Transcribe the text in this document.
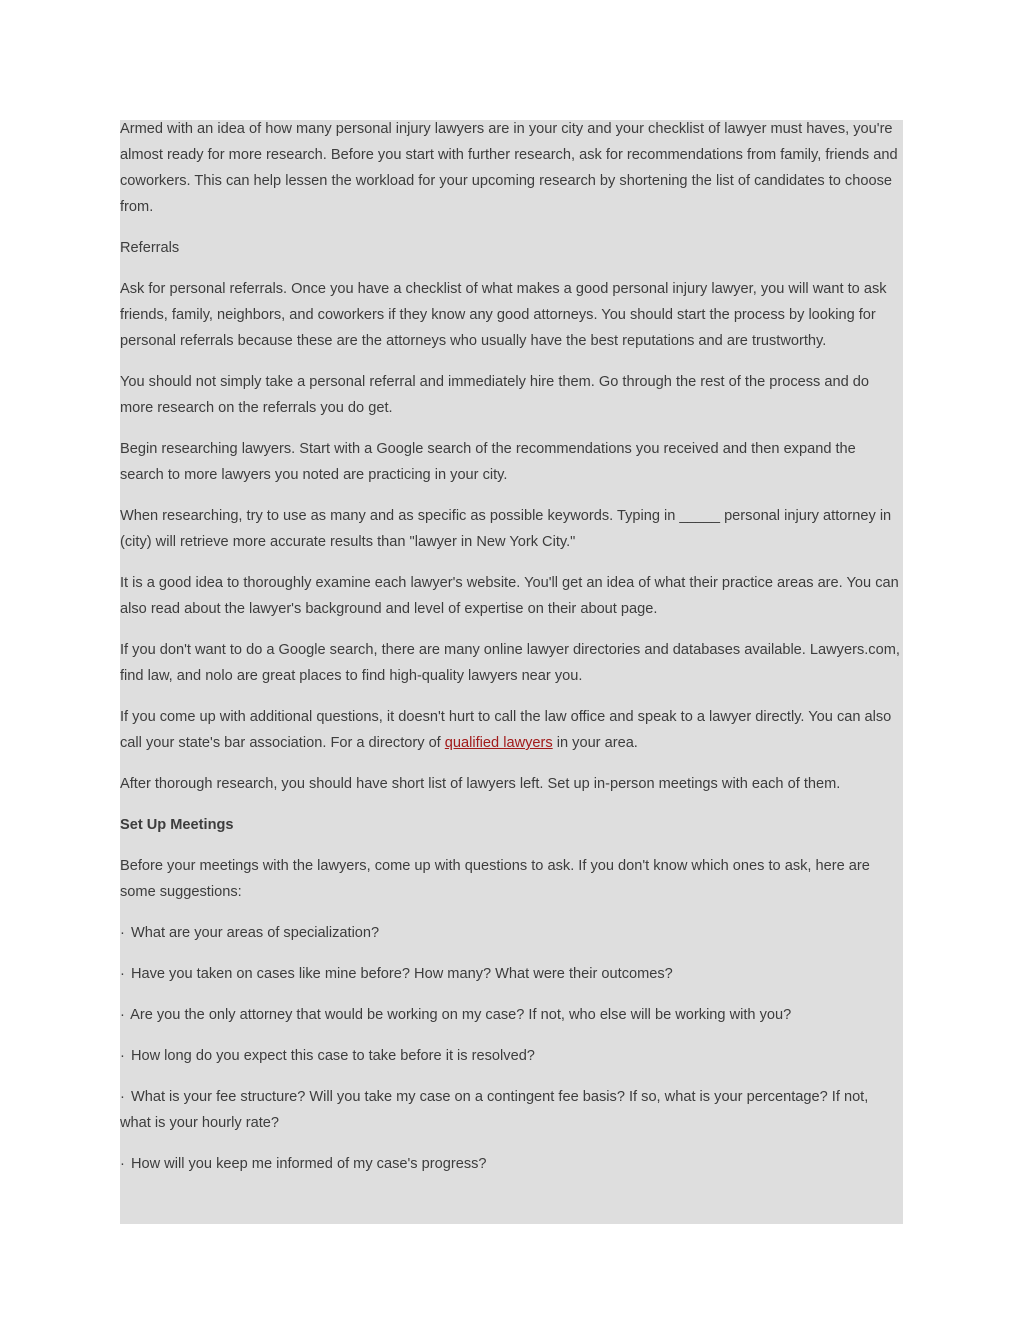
Armed with an idea of how many personal injury lawyers are in your city and your checklist of lawyer must haves, you're almost ready for more research. Before you start with further research, ask for recommendations from family, friends and coworkers. This can help lessen the workload for your upcoming research by shortening the list of candidates to choose from.

Referrals

Ask for personal referrals. Once you have a checklist of what makes a good personal injury lawyer, you will want to ask friends, family, neighbors, and coworkers if they know any good attorneys. You should start the process by looking for personal referrals because these are the attorneys who usually have the best reputations and are trustworthy.

You should not simply take a personal referral and immediately hire them. Go through the rest of the process and do more research on the referrals you do get.

Begin researching lawyers. Start with a Google search of the recommendations you received and then expand the search to more lawyers you noted are practicing in your city.

When researching, try to use as many and as specific as possible keywords. Typing in _____ personal injury attorney in (city) will retrieve more accurate results than "lawyer in New York City."

It is a good idea to thoroughly examine each lawyer's website. You'll get an idea of what their practice areas are. You can also read about the lawyer's background and level of expertise on their about page.

If you don't want to do a Google search, there are many online lawyer directories and databases available. Lawyers.com, find law, and nolo are great places to find high-quality lawyers near you.

If you come up with additional questions, it doesn't hurt to call the law office and speak to a lawyer directly. You can also call your state's bar association. For a directory of qualified lawyers in your area.

After thorough research, you should have short list of lawyers left. Set up in-person meetings with each of them.

Set Up Meetings

Before your meetings with the lawyers, come up with questions to ask. If you don't know which ones to ask, here are some suggestions:

· What are your areas of specialization?

· Have you taken on cases like mine before? How many? What were their outcomes?

· Are you the only attorney that would be working on my case? If not, who else will be working with you?

· How long do you expect this case to take before it is resolved?

· What is your fee structure? Will you take my case on a contingent fee basis? If so, what is your percentage? If not, what is your hourly rate?

· How will you keep me informed of my case's progress?
